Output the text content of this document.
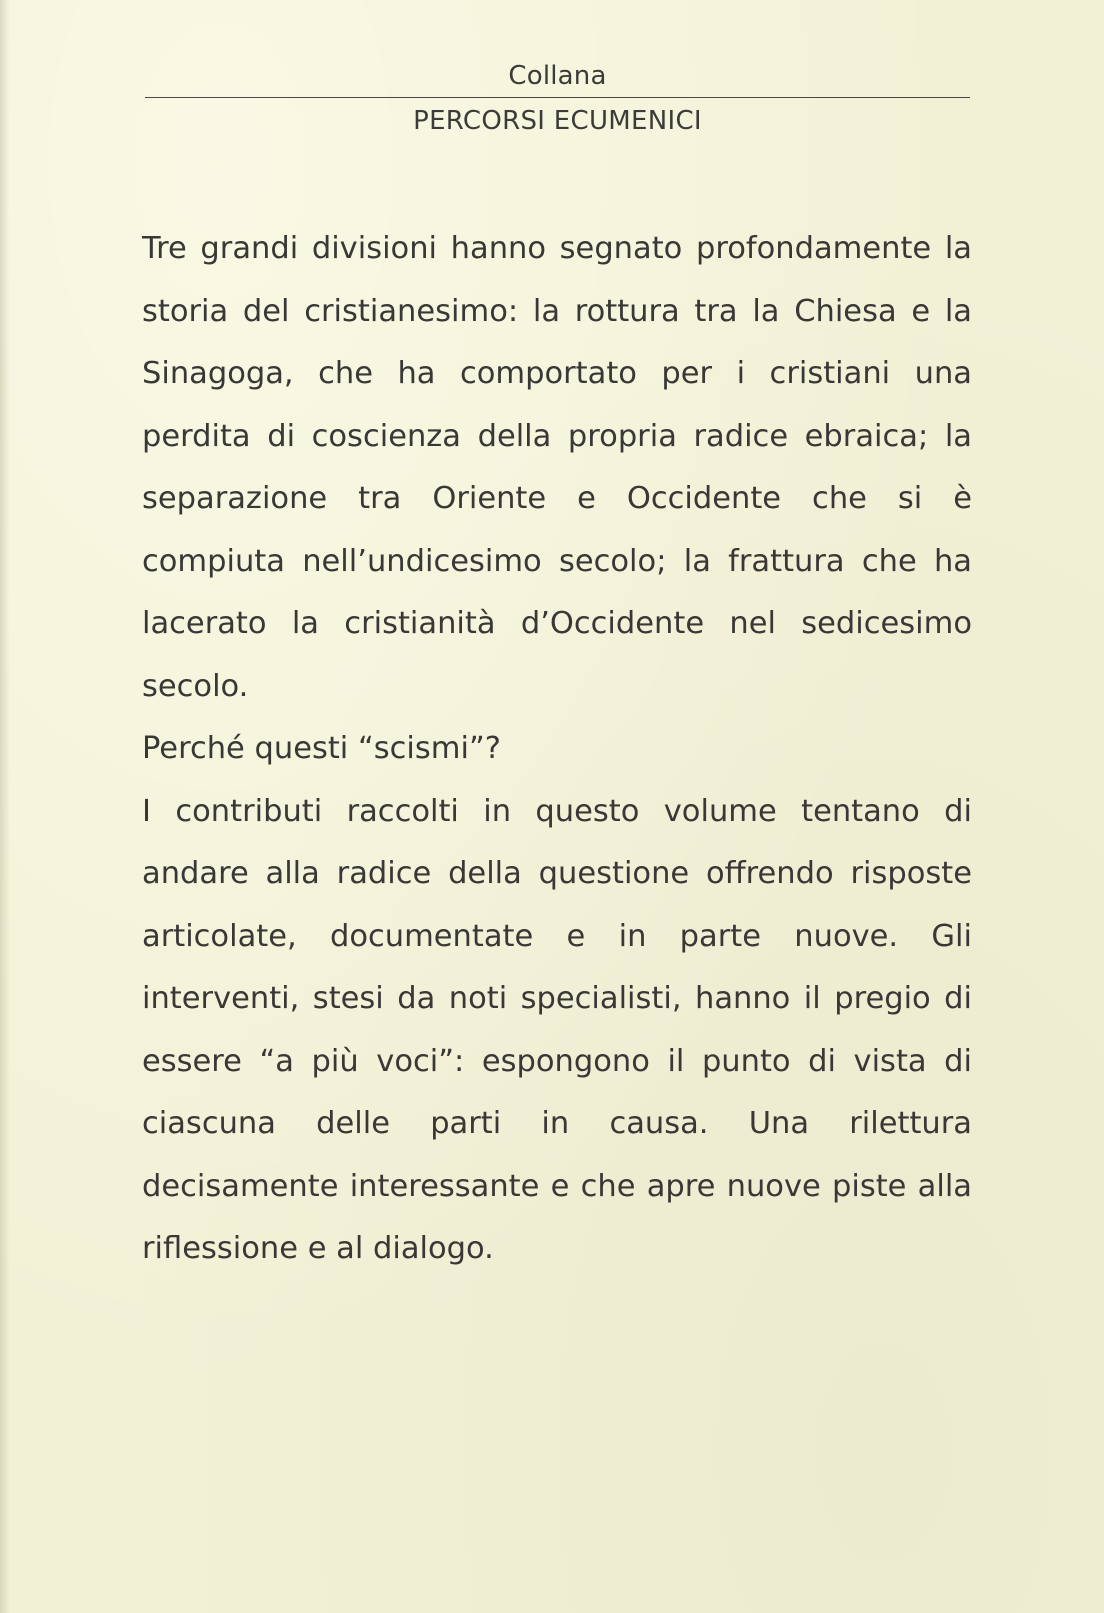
Collana
PERCORSI ECUMENICI

Tre grandi divisioni hanno segnato profondamente la storia del cristianesimo: la rottura tra la Chiesa e la Sinagoga, che ha comportato per i cristiani una perdita di coscienza della propria radice ebraica; la separazione tra Oriente e Occidente che si è compiuta nell’undicesimo secolo; la frattura che ha lacerato la cristianità d’Occidente nel sedicesimo secolo.

Perché questi “scismi”?

I contributi raccolti in questo volume tentano di andare alla radice della questione offrendo risposte articolate, documentate e in parte nuove. Gli interventi, stesi da noti specialisti, hanno il pregio di essere “a più voci”: espongono il punto di vista di ciascuna delle parti in causa. Una rilettura decisamente interessante e che apre nuove piste alla riflessione e al dialogo.
